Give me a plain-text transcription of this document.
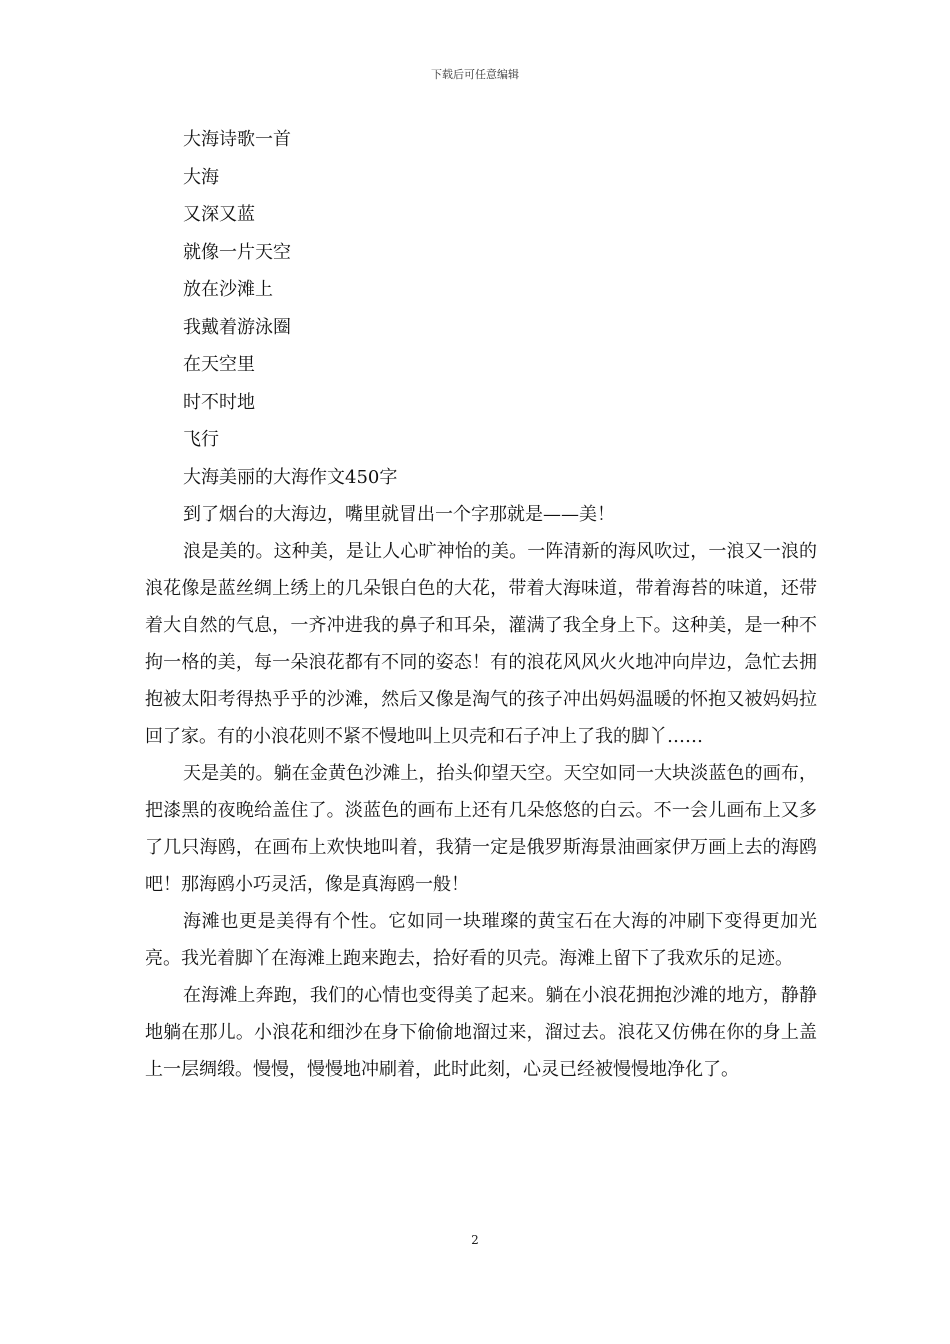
下载后可任意编辑
大海诗歌一首
大海
又深又蓝
就像一片天空
放在沙滩上
我戴着游泳圈
在天空里
时不时地
飞行
大海美丽的大海作文450字
到了烟台的大海边，嘴里就冒出一个字那就是——美！

浪是美的。这种美，是让人心旷神怡的美。一阵清新的海风吹过，一浪又一浪的浪花像是蓝丝绸上绣上的几朵银白色的大花，带着大海味道，带着海苔的味道，还带着大自然的气息，一齐冲进我的鼻子和耳朵，灌满了我全身上下。这种美，是一种不拘一格的美，每一朵浪花都有不同的姿态！有的浪花风风火火地冲向岸边，急忙去拥抱被太阳考得热乎乎的沙滩，然后又像是淘气的孩子冲出妈妈温暖的怀抱又被妈妈拉回了家。有的小浪花则不紧不慢地叫上贝壳和石子冲上了我的脚丫……

天是美的。躺在金黄色沙滩上，抬头仰望天空。天空如同一大块淡蓝色的画布，把漆黑的夜晚给盖住了。淡蓝色的画布上还有几朵悠悠的白云。不一会儿画布上又多了几只海鸥，在画布上欢快地叫着，我猜一定是俄罗斯海景油画家伊万画上去的海鸥吧！那海鸥小巧灵活，像是真海鸥一般！

海滩也更是美得有个性。它如同一块璀璨的黄宝石在大海的冲刷下变得更加光亮。我光着脚丫在海滩上跑来跑去，拾好看的贝壳。海滩上留下了我欢乐的足迹。

在海滩上奔跑，我们的心情也变得美了起来。躺在小浪花拥抱沙滩的地方，静静地躺在那儿。小浪花和细沙在身下偷偷地溜过来，溜过去。浪花又仿佛在你的身上盖上一层绸缎。慢慢，慢慢地冲刷着，此时此刻，心灵已经被慢慢地净化了。

2
